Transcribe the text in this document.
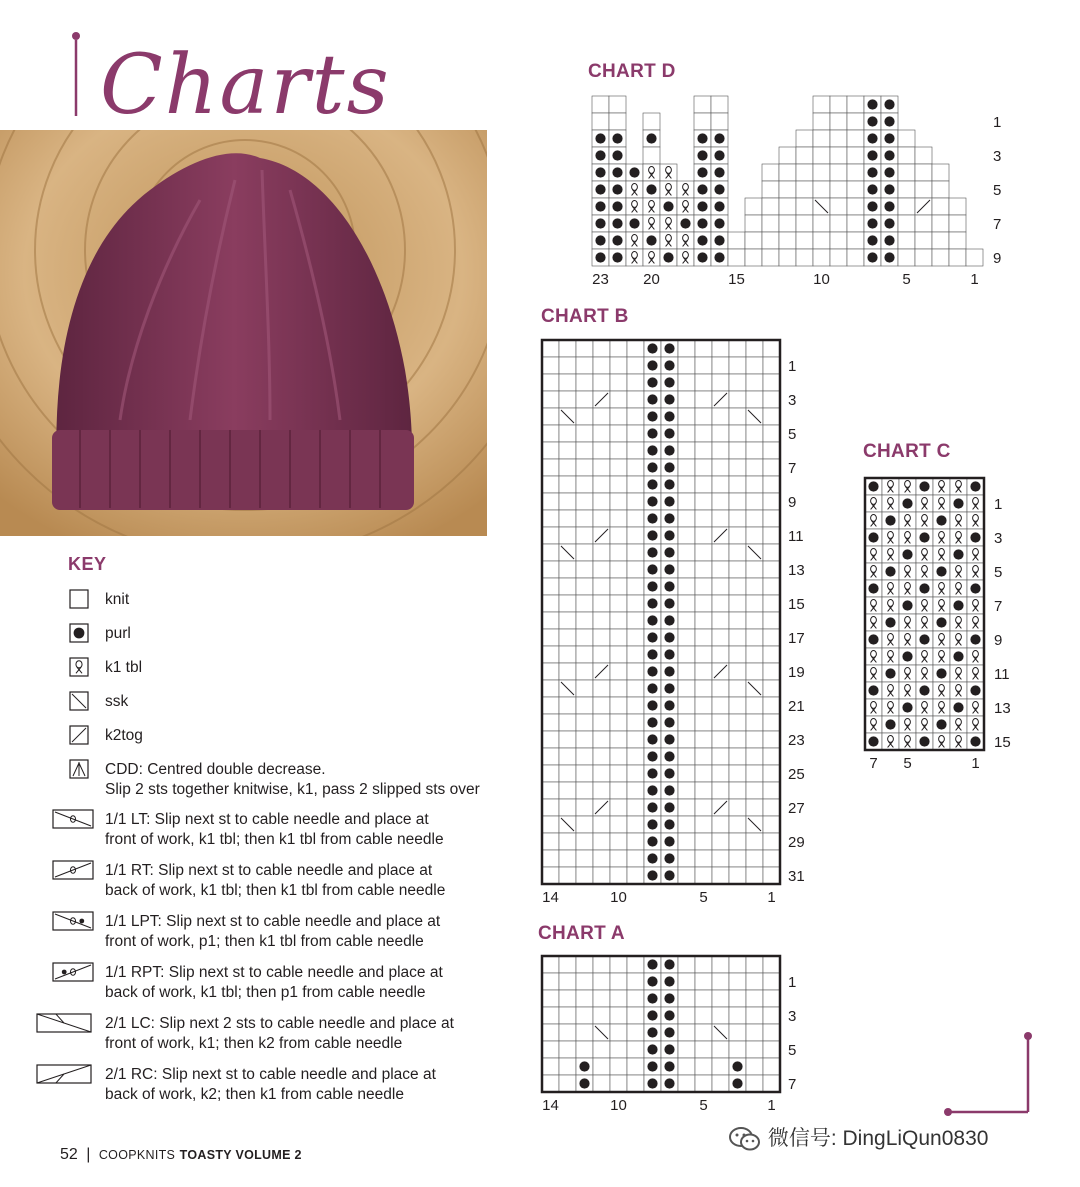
Charts
KEY
knit
purl
k1 tbl
ssk
k2tog
CDD: Centred double decrease.
Slip 2 sts together knitwise, k1, pass 2 slipped sts over
1/1 LT: Slip next st to cable needle and place at
front of work, k1 tbl; then k1 tbl from cable needle
1/1 RT: Slip next st to cable needle and place at
back of work, k1 tbl; then k1 tbl from cable needle
1/1 LPT: Slip next st to cable needle and place at
front of work, p1; then k1 tbl from cable needle
1/1 RPT: Slip next st to cable needle and place at
back of work, k1 tbl; then p1 from cable needle
2/1 LC: Slip next 2 sts to cable needle and place at
front of work, k1; then k2 from cable needle
2/1 RC: Slip next st to cable needle and place at
back of work, k2; then k1 from cable needle
CHART D
9
7
5
3
1
23 20	15	10	5	1
CHART B
31
29
27
25
23
21
19
17
15
13
11
9
7
5
3
1
14	10	5	1
CHART C
15
13
11
9
7
5
3
1
7 5	1
CHART A
7
5
3
1
14	10	5	1
52 | COOPKNITS TOASTY VOLUME 2
微信号: DingLiQun0830
